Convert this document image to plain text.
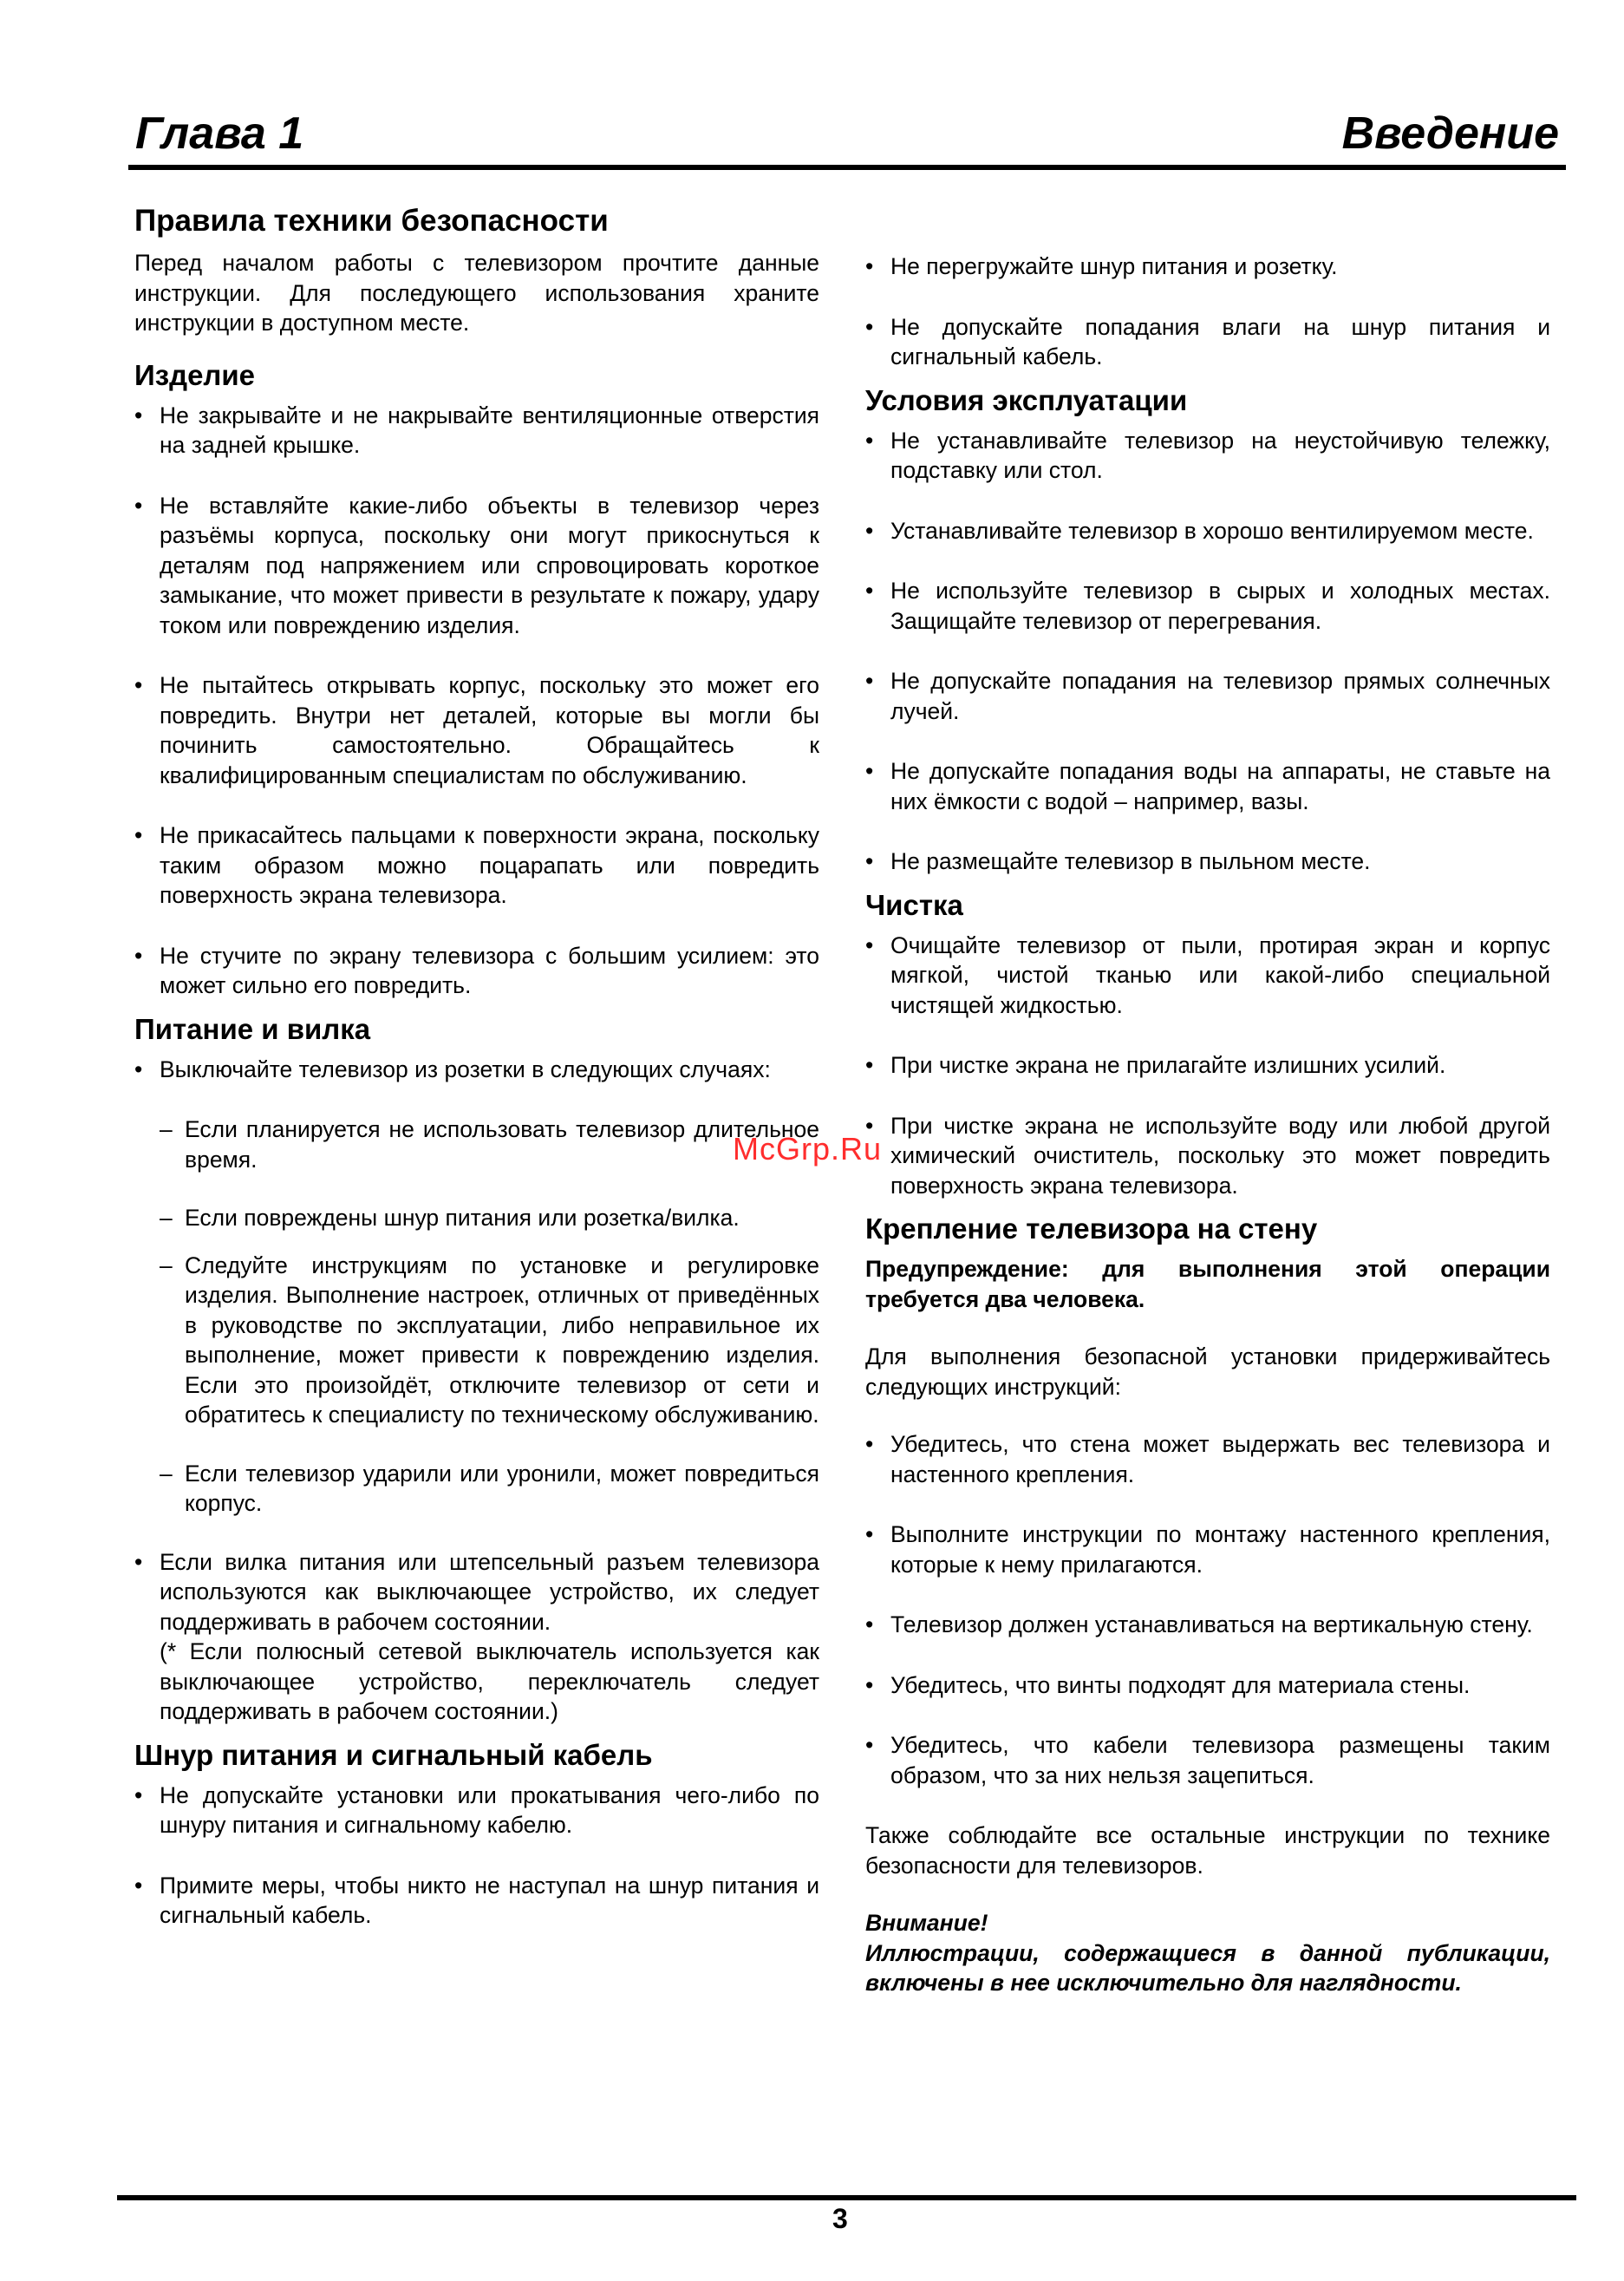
Глава 1	Введение
Правила техники безопасности

Перед началом работы с телевизором прочтите данные инструкции. Для последующего использования храните инструкции в доступном месте.

Изделие
• Не закрывайте и не накрывайте вентиляционные отверстия на задней крышке.
• Не вставляйте какие-либо объекты в телевизор через разъёмы корпуса, поскольку они могут прикоснуться к деталям под напряжением или спровоцировать короткое замыкание, что может привести в результате к пожару, удару током или повреждению изделия.
• Не пытайтесь открывать корпус, поскольку это может его повредить. Внутри нет деталей, которые вы могли бы починить самостоятельно. Обращайтесь к квалифицированным специалистам по обслуживанию.
• Не прикасайтесь пальцами к поверхности экрана, поскольку таким образом можно поцарапать или повредить поверхность экрана телевизора.
• Не стучите по экрану телевизора с большим усилием: это может сильно его повредить.
Питание и вилка
• Выключайте телевизор из розетки в следующих случаях:
– Если планируется не использовать телевизор длительное время.
– Если повреждены шнур питания или розетка/вилка.
– Следуйте инструкциям по установке и регулировке изделия. Выполнение настроек, отличных от приведённых в руководстве по эксплуатации, либо неправильное их выполнение, может привести к повреждению изделия. Если это произойдёт, отключите телевизор от сети и обратитесь к специалисту по техническому обслуживанию.
– Если телевизор ударили или уронили, может повредиться корпус.
• Если вилка питания или штепсельный разъем телевизора используются как выключающее устройство, их следует поддерживать в рабочем состоянии.
(* Если полюсный сетевой выключатель используется как выключающее устройство, переключатель следует поддерживать в рабочем состоянии.)
Шнур питания и сигнальный кабель
• Не допускайте установки или прокатывания чего-либо по шнуру питания и сигнальному кабелю.
• Примите меры, чтобы никто не наступал на шнур питания и сигнальный кабель.
• Не перегружайте шнур питания и розетку.
• Не допускайте попадания влаги на шнур питания и сигнальный кабель.
Условия эксплуатации
• Не устанавливайте телевизор на неустойчивую тележку, подставку или стол.
• Устанавливайте телевизор в хорошо вентилируемом месте.
• Не используйте телевизор в сырых и холодных местах. Защищайте телевизор от перегревания.
• Не допускайте попадания на телевизор прямых солнечных лучей.
• Не допускайте попадания воды на аппараты, не ставьте на них ёмкости с водой – например, вазы.
• Не размещайте телевизор в пыльном месте.
Чистка
• Очищайте телевизор от пыли, протирая экран и корпус мягкой, чистой тканью или какой-либо специальной чистящей жидкостью.
• При чистке экрана не прилагайте излишних усилий.
• При чистке экрана не используйте воду или любой другой химический очиститель, поскольку это может повредить поверхность экрана телевизора.
Крепление телевизора на стену

Предупреждение: для выполнения этой операции требуется два человека.

Для выполнения безопасной установки придерживайтесь следующих инструкций:

• Убедитесь, что стена может выдержать вес телевизора и настенного крепления.
• Выполните инструкции по монтажу настенного крепления, которые к нему прилагаются.
• Телевизор должен устанавливаться на вертикальную стену.
• Убедитесь, что винты подходят для материала стены.
• Убедитесь, что кабели телевизора размещены таким образом, что за них нельзя зацепиться.

Также соблюдайте все остальные инструкции по технике безопасности для телевизоров.

Внимание!
Иллюстрации, содержащиеся в данной публикации, включены в нее исключительно для наглядности.
McGrp.Ru
3
